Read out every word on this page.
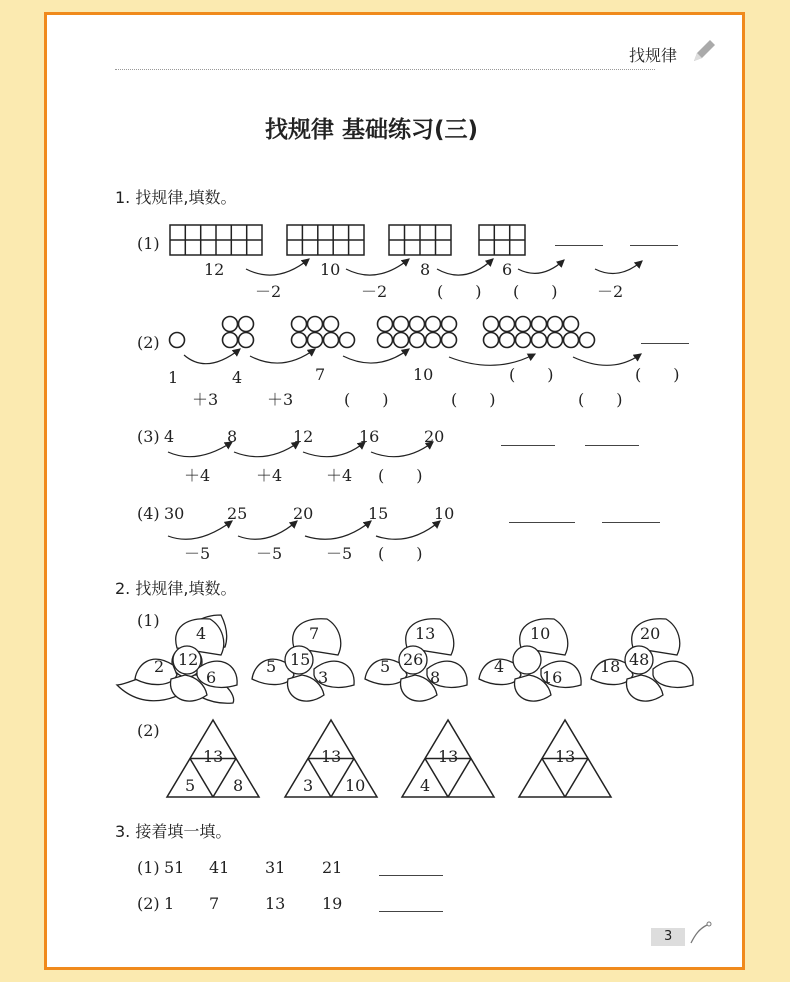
找规律
找规律 基础练习(三)
1. 找规律,填数。
(1)
12	10	8	6
－2	－2	(　　) (　　) －2
(2)
1	4	7	10	(　　)	(　　)
＋3	＋3	(　　)	(　　)	(　　)
(3) 4	8	12	16	20
＋4	＋4	＋4 (　　)
(4) 30	25	20	15	10
－5	－5	－5 (　　)
2. 找规律,填数。
(1)
4
12
2
6
7
15
5
3
13
26
5
8
10
4
16
20
48
18
(2)
13
5 8
13
3 10
13
4
13
3. 接着填一填。
(1) 51 41 31 21
(2) 1 7	13 19
3
